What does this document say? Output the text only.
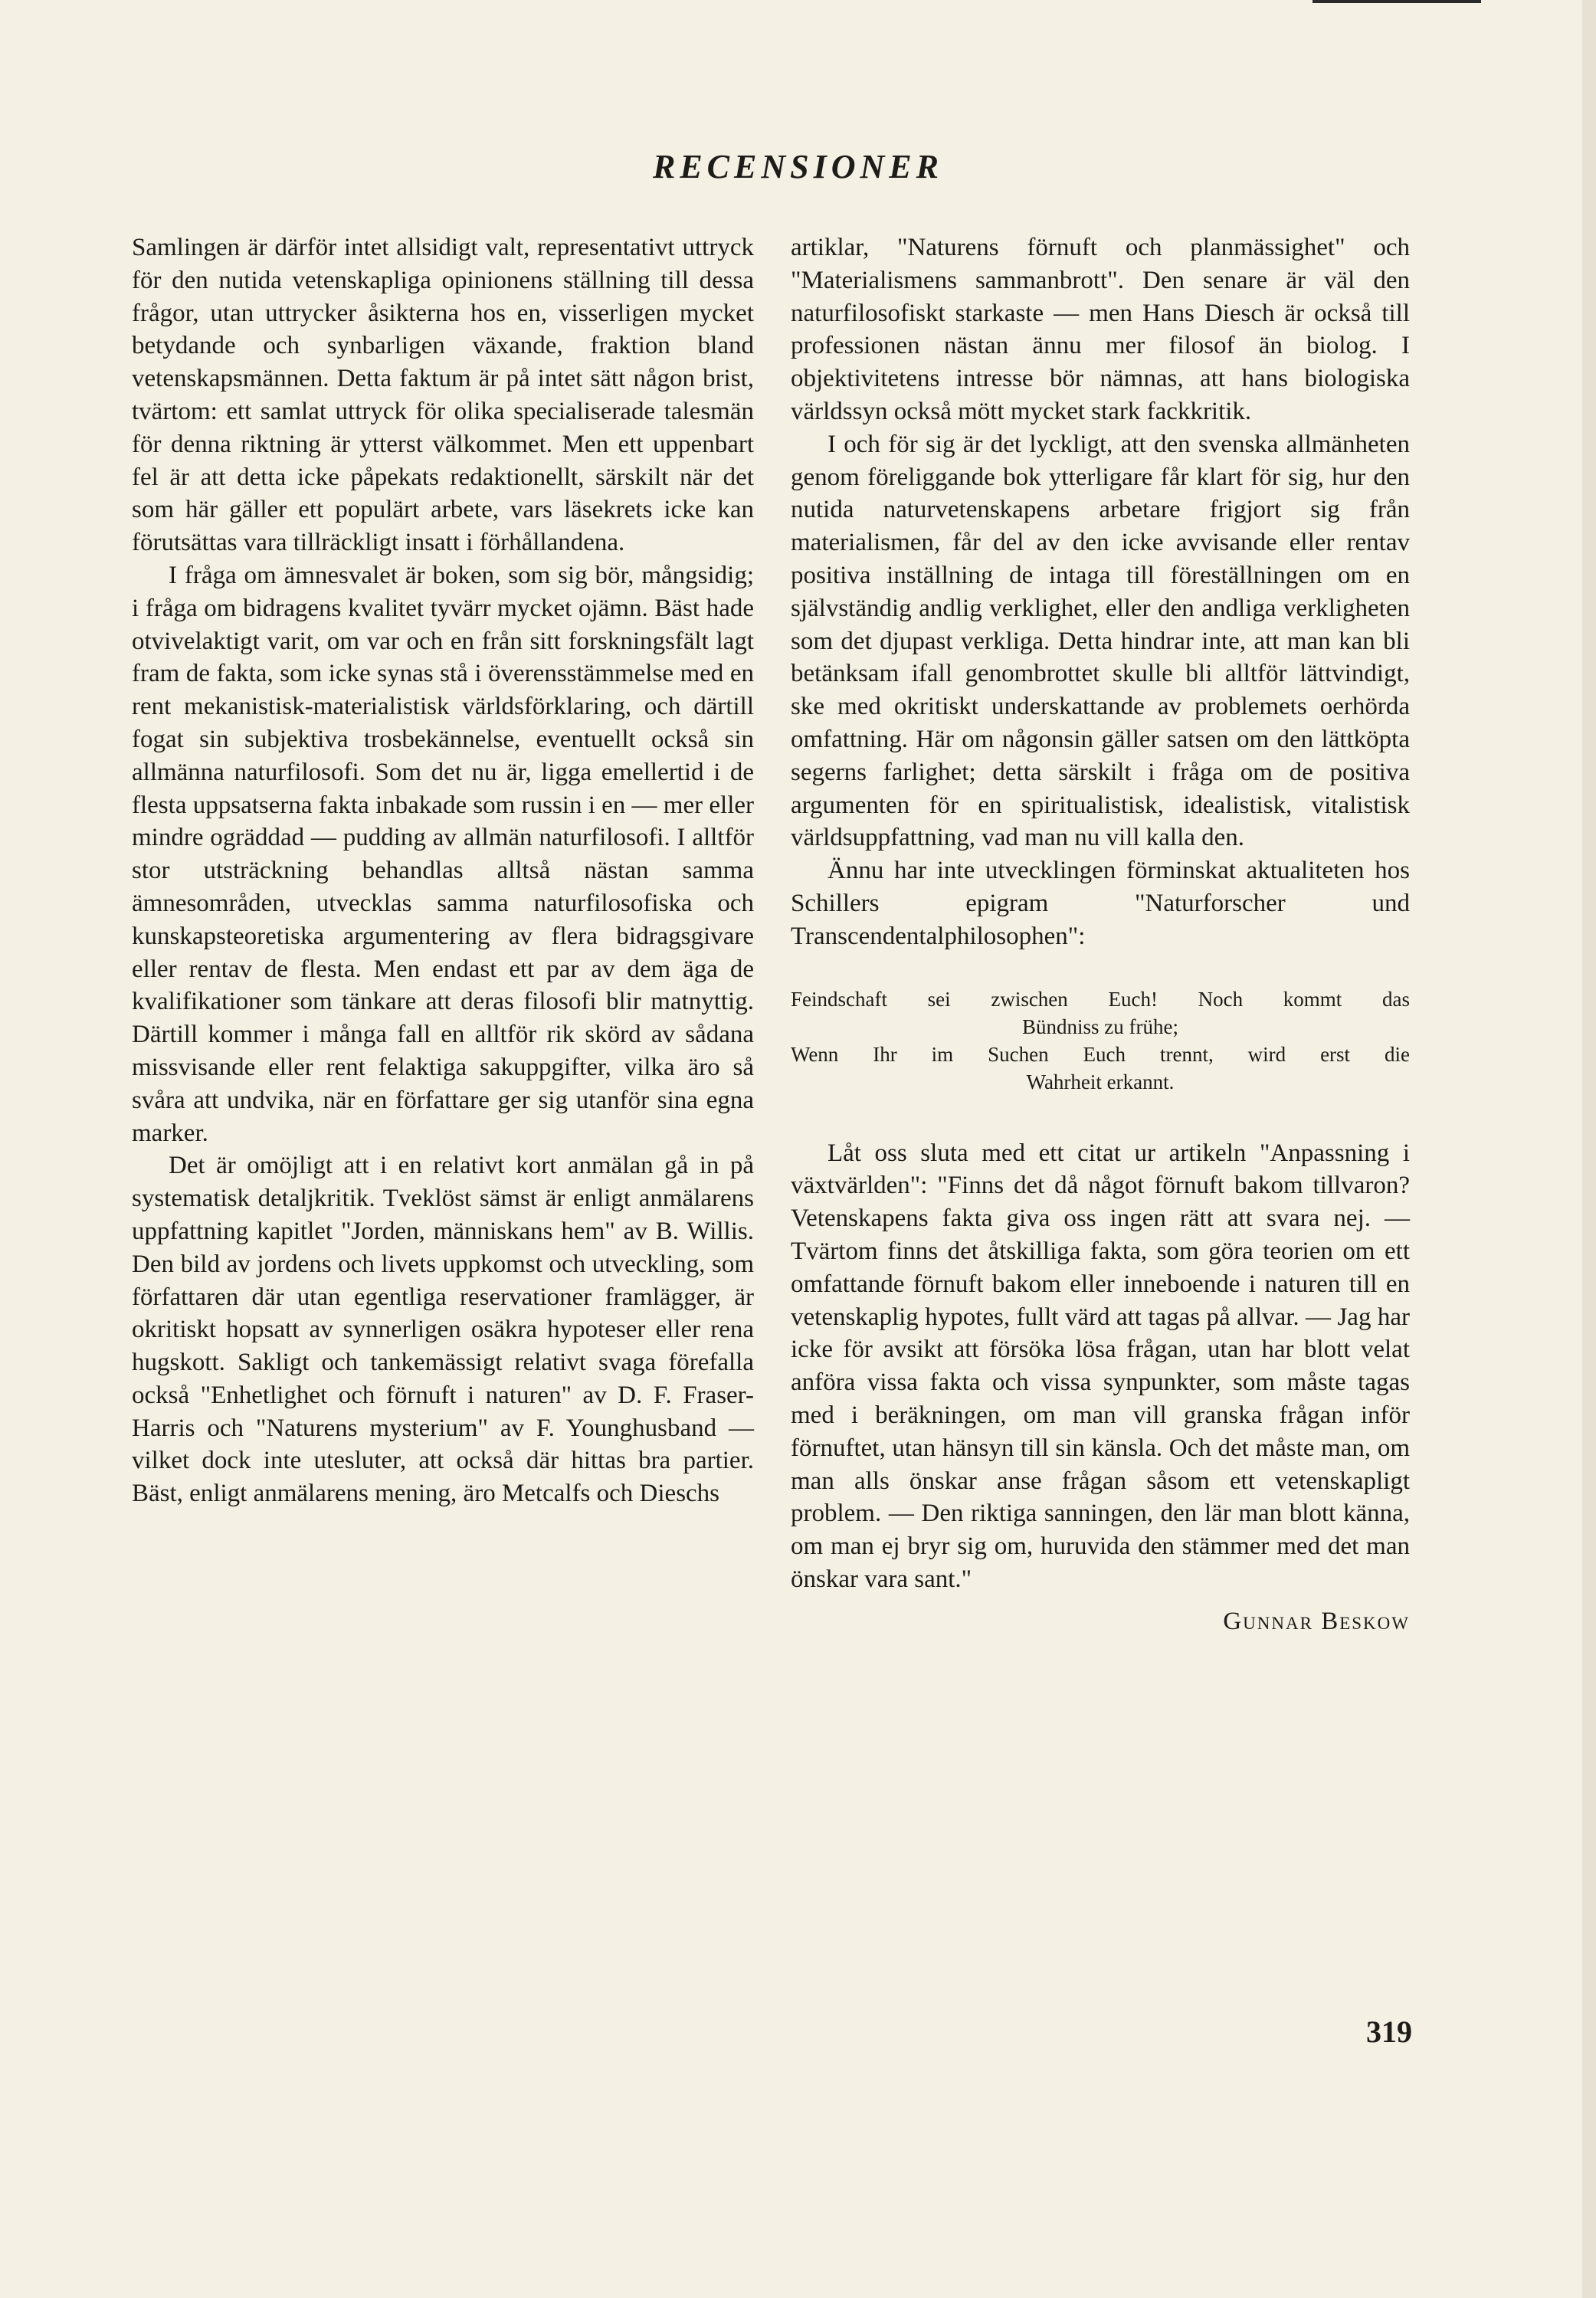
RECENSIONER

Samlingen är därför intet allsidigt valt, representativt uttryck för den nutida vetenskapliga opinionens ställning till dessa frågor, utan uttrycker åsikterna hos en, visserligen mycket betydande och synbarligen växande, fraktion bland vetenskapsmännen. Detta faktum är på intet sätt någon brist, tvärtom: ett samlat uttryck för olika specialiserade talesmän för denna riktning är ytterst välkommet. Men ett uppenbart fel är att detta icke påpekats redaktionellt, särskilt när det som här gäller ett populärt arbete, vars läsekrets icke kan förutsättas vara tillräckligt insatt i förhållandena.

I fråga om ämnesvalet är boken, som sig bör, mångsidig; i fråga om bidragens kvalitet tyvärr mycket ojämn. Bäst hade otvivelaktigt varit, om var och en från sitt forskningsfält lagt fram de fakta, som icke synas stå i överensstämmelse med en rent mekanistisk-materialistisk världsförklaring, och därtill fogat sin subjektiva trosbekännelse, eventuellt också sin allmänna naturfilosofi. Som det nu är, ligga emellertid i de flesta uppsatserna fakta inbakade som russin i en — mer eller mindre ogräddad — pudding av allmän naturfilosofi. I alltför stor utsträckning behandlas alltså nästan samma ämnesområden, utvecklas samma naturfilosofiska och kunskapsteoretiska argumentering av flera bidragsgivare eller rentav de flesta. Men endast ett par av dem äga de kvalifikationer som tänkare att deras filosofi blir matnyttig. Därtill kommer i många fall en alltför rik skörd av sådana missvisande eller rent felaktiga sakuppgifter, vilka äro så svåra att undvika, när en författare ger sig utanför sina egna marker.

Det är omöjligt att i en relativt kort anmälan gå in på systematisk detaljkritik. Tveklöst sämst är enligt anmälarens uppfattning kapitlet "Jorden, människans hem" av B. Willis. Den bild av jordens och livets uppkomst och utveckling, som författaren där utan egentliga reservationer framlägger, är okritiskt hopsatt av synnerligen osäkra hypoteser eller rena hugskott. Sakligt och tankemässigt relativt svaga förefalla också "Enhetlighet och förnuft i naturen" av D. F. Fraser-Harris och "Naturens mysterium" av F. Younghusband — vilket dock inte utesluter, att också där hittas bra partier. Bäst, enligt anmälarens mening, äro Metcalfs och Dieschs

artiklar, "Naturens förnuft och planmässighet" och "Materialismens sammanbrott". Den senare är väl den naturfilosofiskt starkaste — men Hans Diesch är också till professionen nästan ännu mer filosof än biolog. I objektivitetens intresse bör nämnas, att hans biologiska världssyn också mött mycket stark fackkritik.

I och för sig är det lyckligt, att den svenska allmänheten genom föreliggande bok ytterligare får klart för sig, hur den nutida naturvetenskapens arbetare frigjort sig från materialismen, får del av den icke avvisande eller rentav positiva inställning de intaga till föreställningen om en självständig andlig verklighet, eller den andliga verkligheten som det djupast verkliga. Detta hindrar inte, att man kan bli betänksam ifall genombrottet skulle bli alltför lättvindigt, ske med okritiskt underskattande av problemets oerhörda omfattning. Här om någonsin gäller satsen om den lättköpta segerns farlighet; detta särskilt i fråga om de positiva argumenten för en spiritualistisk, idealistisk, vitalistisk världsuppfattning, vad man nu vill kalla den.

Ännu har inte utvecklingen förminskat aktualiteten hos Schillers epigram "Naturforscher und Transcendentalphilosophen":

Feindschaft sei zwischen Euch! Noch kommt das
Bündniss zu frühe;
Wenn Ihr im Suchen Euch trennt, wird erst die
Wahrheit erkannt.

Låt oss sluta med ett citat ur artikeln "Anpassning i växtvärlden": "Finns det då något förnuft bakom tillvaron? Vetenskapens fakta giva oss ingen rätt att svara nej. — Tvärtom finns det åtskilliga fakta, som göra teorien om ett omfattande förnuft bakom eller inneboende i naturen till en vetenskaplig hypotes, fullt värd att tagas på allvar. — Jag har icke för avsikt att försöka lösa frågan, utan har blott velat anföra vissa fakta och vissa synpunkter, som måste tagas med i beräkningen, om man vill granska frågan inför förnuftet, utan hänsyn till sin känsla. Och det måste man, om man alls önskar anse frågan såsom ett vetenskapligt problem. — Den riktiga sanningen, den lär man blott känna, om man ej bryr sig om, huruvida den stämmer med det man önskar vara sant."

Gunnar Beskow
319
